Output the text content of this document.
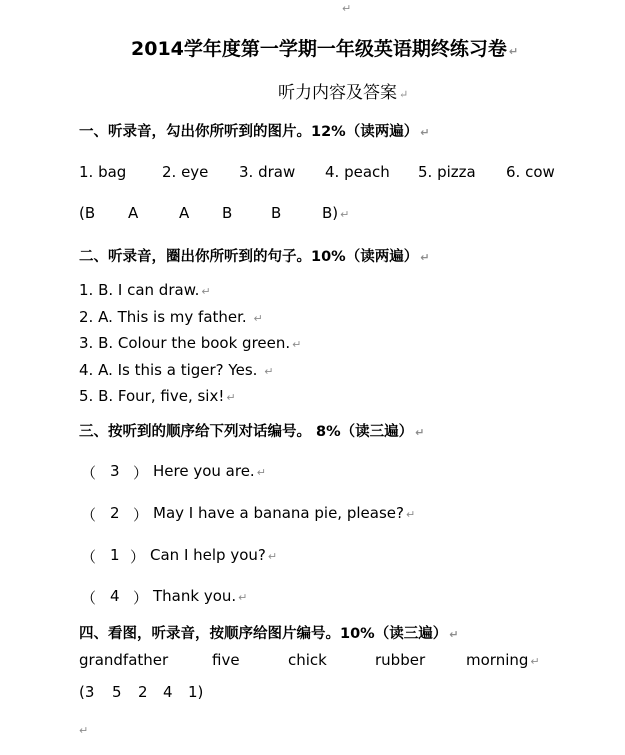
↵
2014学年度第一学期一年级英语期终练习卷 ↵
听力内容及答案 ↵
一、听录音，勾出你所听到的图片。12%（读两遍） ↵
1. bag 2. eye 3. draw 4. peach 5. pizza 6. cow
(B A	A B	B	B) ↵
二、听录音，圈出你所听到的句子。10%（读两遍） ↵
1. B. I can draw. ↵
2. A. This is my father. ↵
3. B. Colour the book green. ↵
4. A. Is this a tiger? Yes. ↵
5. B. Four, five, six! ↵
三、按听到的顺序给下列对话编号。 8%（读三遍） ↵
（ 3 ） Here you are. ↵
（ 2 ） May I have a banana pie, please? ↵
（ 1 ） Can I help you? ↵
（ 4 ） Thank you. ↵
四、看图，听录音，按顺序给图片编号。10%（读三遍） ↵
grandfather	five	chick	rubber	morning ↵
(3 5 2 4 1)
↵
